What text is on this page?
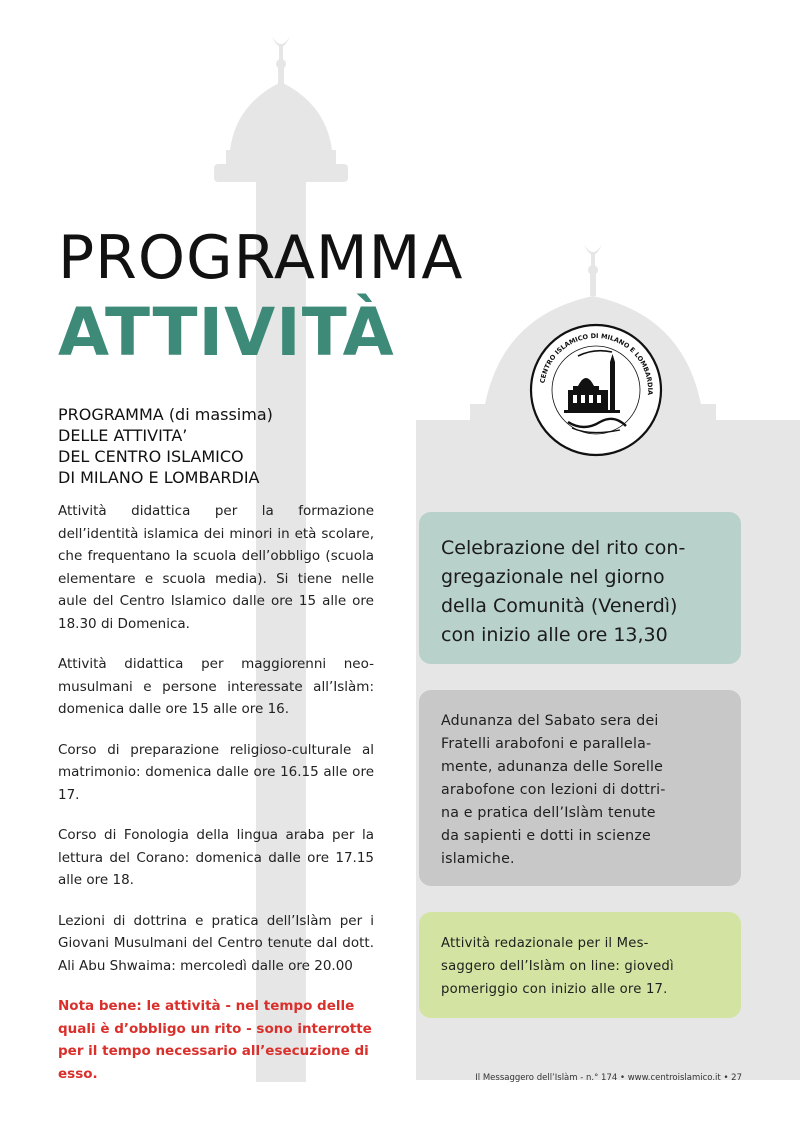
PROGRAMMA
ATTIVITÀ
PROGRAMMA (di massima)
DELLE ATTIVITA’
DEL CENTRO ISLAMICO
DI MILANO E LOMBARDIA

Attività didattica per la formazione dell’identità islamica dei minori in età scolare, che frequentano la scuola dell’obbligo (scuola elementare e scuola media). Si tiene nelle aule del Centro Islamico dalle ore 15 alle ore 18.30 di Domenica.

Attività didattica per maggiorenni neo-musulmani e persone interessate all’Islàm: domenica dalle ore 15 alle ore 16.

Corso di preparazione religioso-culturale al matrimonio: domenica dalle ore 16.15 alle ore 17.

Corso di Fonologia della lingua araba per la lettura del Corano: domenica dalle ore 17.15 alle ore 18.

Lezioni di dottrina e pratica dell’Islàm per i Giovani Musulmani del Centro tenute dal dott. Ali Abu Shwaima: mercoledì dalle ore 20.00

Nota bene: le attività - nel tempo delle quali è d’obbligo un rito - sono interrotte per il tempo necessario all’esecuzione di esso.

CENTRO ISLAMICO DI MILANO E LOMBARDIA
Celebrazione del rito con-
gregazionale nel giorno
della Comunità (Venerdì)
con inizio alle ore 13,30
Adunanza del Sabato sera dei
Fratelli arabofoni e parallela-
mente, adunanza delle Sorelle
arabofone con lezioni di dottri-
na e pratica dell’Islàm tenute
da sapienti e dotti in scienze
islamiche.
Attività redazionale per il Mes-
saggero dell’Islàm on line: giovedì
pomeriggio con inizio alle ore 17.
Il Messaggero dell’Islàm - n.° 174 • www.centroislamico.it • 27
